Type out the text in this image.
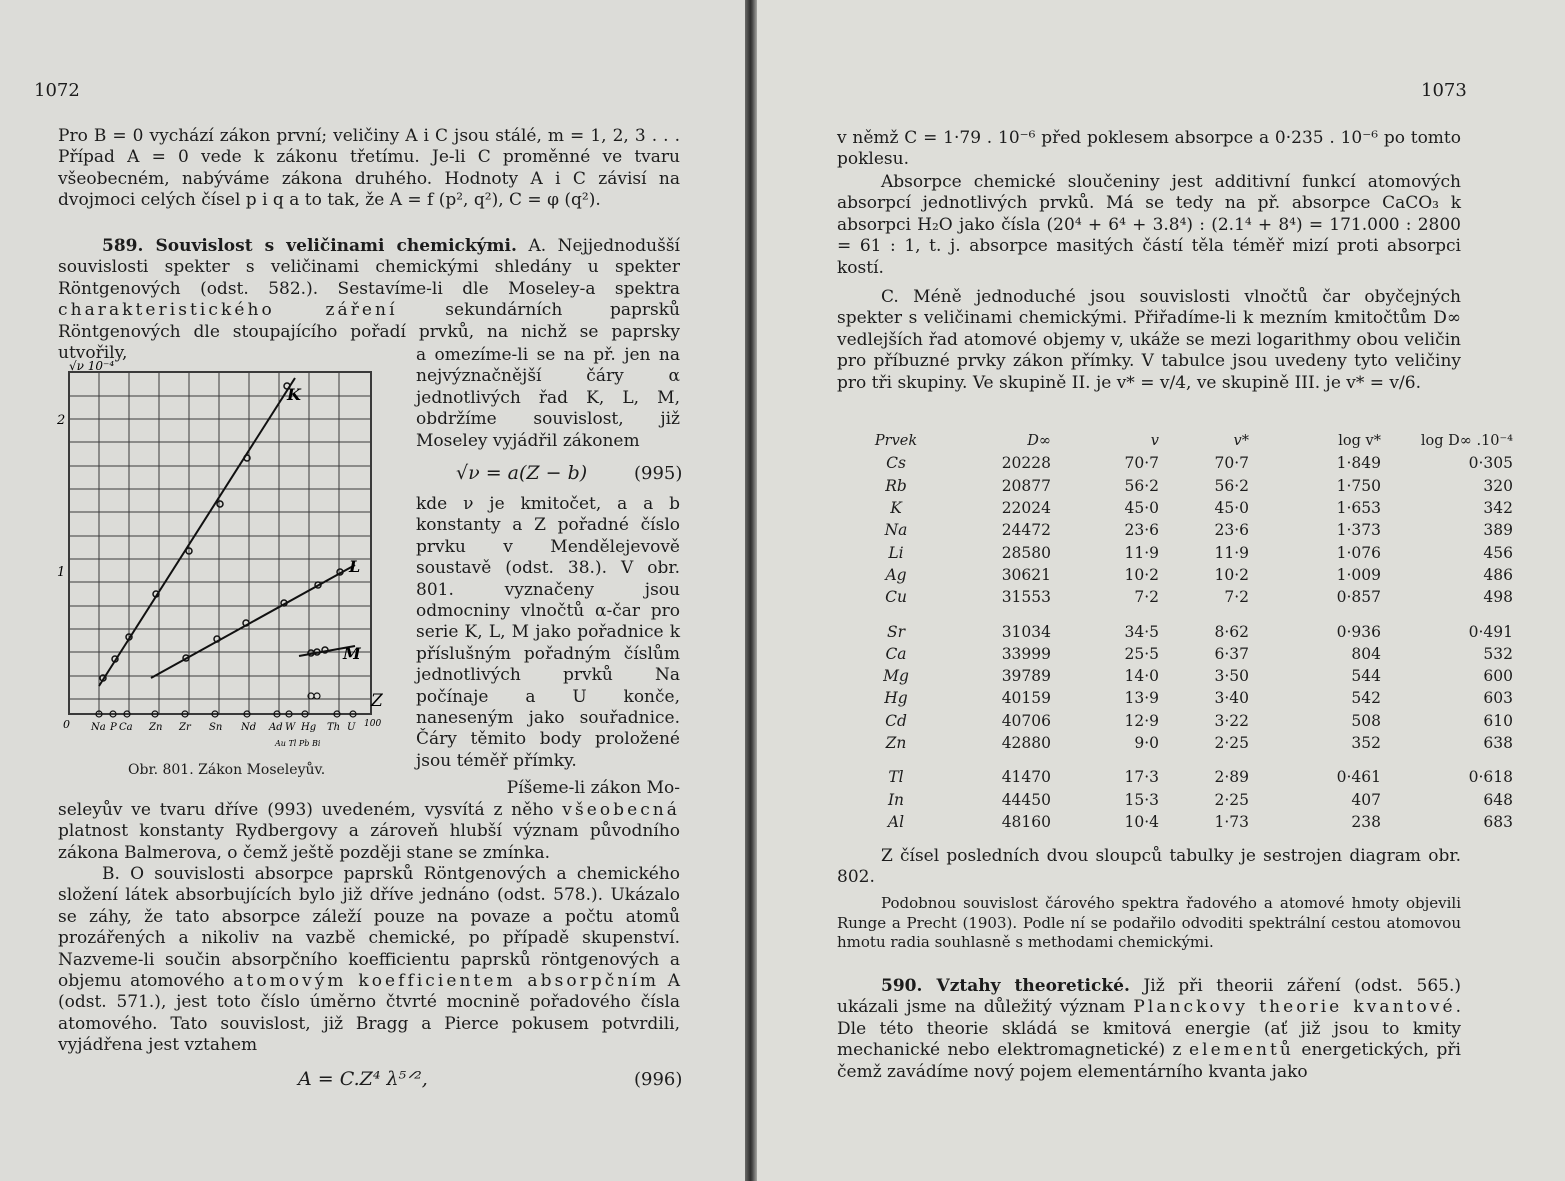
1072

Pro B = 0 vychází zákon první; veličiny A i C jsou stálé, m = 1, 2, 3 . . . Případ A = 0 vede k zákonu třetímu. Je-li C proměnné ve tvaru všeobecném, nabýváme zákona druhého. Hodnoty A i C závisí na dvojmoci celých čísel p i q a to tak, že A = f (p², q²), C = φ (q²).

589. Souvislost s veličinami chemickými. A. Nejjednodušší souvislosti spekter s veličinami chemickými shledány u spekter Röntgenových (odst. 582.). Sestavíme-li dle Moseley-a spektra charakteristického záření sekundárních paprsků Röntgenových dle stoupajícího pořadí prvků, na nichž se paprsky utvořily,

√ν 10⁻⁴
2
1
0
K
L
M
Z
100
Na P Ca Zn Zr Sn Nd Ad W Hg Th U
Au Tl Pb Bi
Obr. 801. Zákon Moseleyův.

a omezíme-li se na př. jen na nejvýznačnější čáry α jednotlivých řad K, L, M, obdržíme souvislost, již Moseley vyjádřil zákonem

√ν = a(Z − b)	(995)

kde ν je kmitočet, a a b konstanty a Z pořadné číslo prvku v Mendělejevově soustavě (odst. 38.). V obr. 801. vyznačeny jsou odmocniny vlnočtů α-čar pro serie K, L, M jako pořadnice k příslušným pořadným číslům jednotlivých prvků Na počínaje a U konče, naneseným jako souřadnice. Čáry těmito body proložené jsou téměř přímky.

Píšeme-li zákon Mo-

seleyův ve tvaru dříve (993) uvedeném, vysvítá z něho všeobecná platnost konstanty Rydbergovy a zároveň hlubší význam původního zákona Balmerova, o čemž ještě později stane se zmínka.

B. O souvislosti absorpce paprsků Röntgenových a chemického složení látek absorbujících bylo již dříve jednáno (odst. 578.). Ukázalo se záhy, že tato absorpce záleží pouze na povaze a počtu atomů prozářených a nikoliv na vazbě chemické, po případě skupenství. Nazveme-li součin absorpčního koefficientu paprsků röntgenových a objemu atomového atomovým koefficientem absorpčním A (odst. 571.), jest toto číslo úměrno čtvrté mocnině pořadového čísla atomového. Tato souvislost, již Bragg a Pierce pokusem potvrdili, vyjádřena jest vztahem

A = C.Z⁴ λ⁵ᐟ²,	(996)
1073

v němž C = 1·79 . 10⁻⁶ před poklesem absorpce a 0·235 . 10⁻⁶ po tomto poklesu.

Absorpce chemické sloučeniny jest additivní funkcí atomových absorpcí jednotlivých prvků. Má se tedy na př. absorpce CaCO₃ k absorpci H₂O jako čísla (20⁴ + 6⁴ + 3.8⁴) : (2.1⁴ + 8⁴) = 171.000 : 2800 = 61 : 1, t. j. absorpce masitých částí těla téměř mizí proti absorpci kostí.

C. Méně jednoduché jsou souvislosti vlnočtů čar obyčejných spekter s veličinami chemickými. Přiřadíme-li k mezním kmitočtům D∞ vedlejších řad atomové objemy v, ukáže se mezi logarithmy obou veličin pro příbuzné prvky zákon přímky. V tabulce jsou uvedeny tyto veličiny pro tři skupiny. Ve skupině II. je v* = v/4, ve skupině III. je v* = v/6.

Prvek	D∞	v	v*	log v*	log D∞ .10⁻⁴
Cs	20228	70·7	70·7	1·849	0·305
Rb	20877	56·2	56·2	1·750	320
K	22024	45·0	45·0	1·653	342
Na	24472	23·6	23·6	1·373	389
Li	28580	11·9	11·9	1·076	456
Ag	30621	10·2	10·2	1·009	486
Cu	31553	7·2	7·2	0·857	498

Sr	31034	34·5	8·62	0·936	0·491
Ca	33999	25·5	6·37	804	532
Mg	39789	14·0	3·50	544	600
Hg	40159	13·9	3·40	542	603
Cd	40706	12·9	3·22	508	610
Zn	42880	9·0	2·25	352	638

Tl	41470	17·3	2·89	0·461	0·618
In	44450	15·3	2·25	407	648
Al	48160	10·4	1·73	238	683

Z čísel posledních dvou sloupců tabulky je sestrojen diagram obr. 802.

Podobnou souvislost čárového spektra řadového a atomové hmoty objevili Runge a Precht (1903). Podle ní se podařilo odvoditi spektrální cestou atomovou hmotu radia souhlasně s methodami chemickými.

590. Vztahy theoretické. Již při theorii záření (odst. 565.) ukázali jsme na důležitý význam Planckovy theorie kvantové. Dle této theorie skládá se kmitová energie (ať již jsou to kmity mechanické nebo elektromagnetické) z elementů energetických, při čemž zavádíme nový pojem elementárního kvanta jako
